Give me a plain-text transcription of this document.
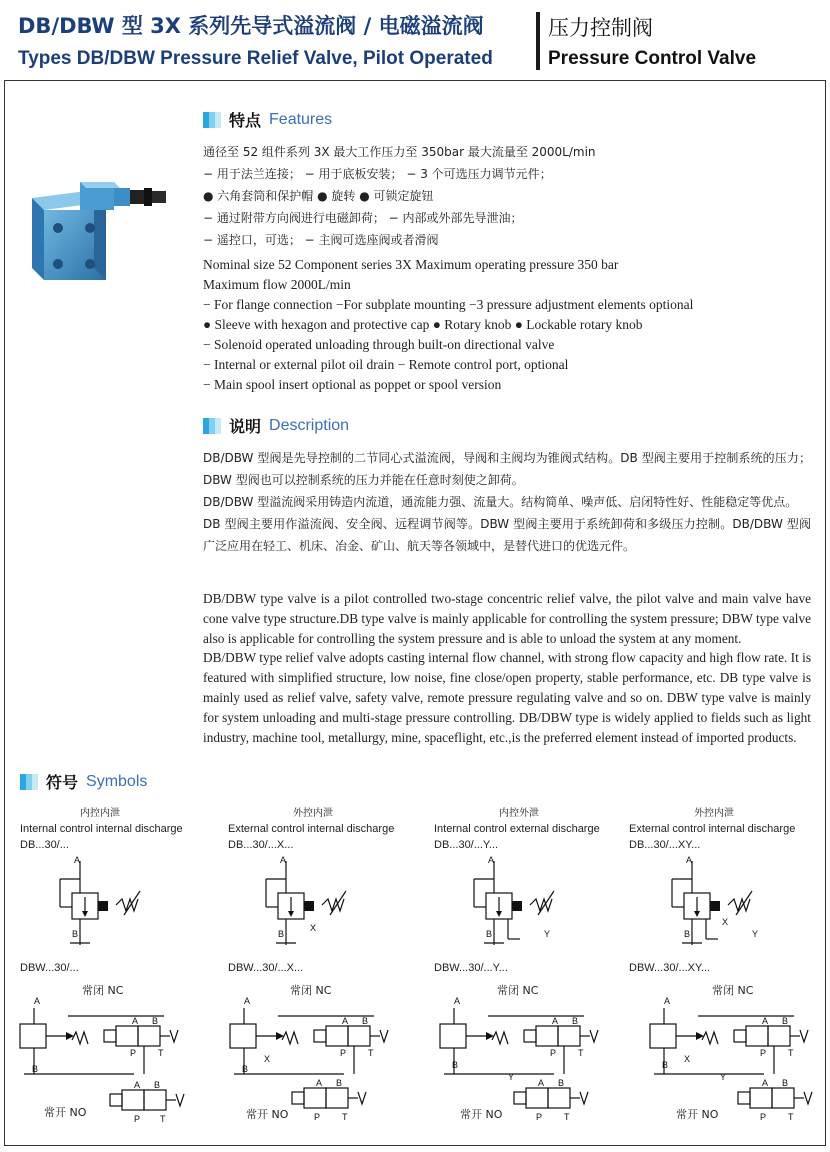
DB/DBW 型 3X 系列先导式溢流阀 / 电磁溢流阀
Types DB/DBW Pressure Relief Valve, Pilot Operated
压力控制阀
Pressure Control Valve
特点 Features
通径至 52 组件系列 3X 最大工作压力至 350bar 最大流量至 2000L/min
− 用于法兰连接； − 用于底板安装； − 3 个可选压力调节元件；
● 六角套筒和保护帽 ● 旋转 ● 可锁定旋钮
− 通过附带方向阀进行电磁卸荷； − 内部或外部先导泄油；
− 遥控口，可选； − 主阀可选座阀或者滑阀
Nominal size 52 Component series 3X Maximum operating pressure 350 bar
Maximum flow 2000L/min
− For flange connection −For subplate mounting −3 pressure adjustment elements optional
● Sleeve with hexagon and protective cap ● Rotary knob ● Lockable rotary knob
− Solenoid operated unloading through built-on directional valve
− Internal or external pilot oil drain − Remote control port, optional
− Main spool insert optional as poppet or spool version
说明 Description
DB/DBW 型阀是先导控制的二节同心式溢流阀，导阀和主阀均为锥阀式结构。DB 型阀主要用于控制系统的压力；DBW 型阀也可以控制系统的压力并能在任意时刻使之卸荷。
DB/DBW 型溢流阀采用铸造内流道，通流能力强、流量大。结构简单、噪声低、启闭特性好、性能稳定等优点。
DB 型阀主要用作溢流阀、安全阀、远程调节阀等。DBW 型阀主要用于系统卸荷和多级压力控制。DB/DBW 型阀广泛应用在轻工、机床、冶金、矿山、航天等各领域中，是替代进口的优选元件。
DB/DBW type valve is a pilot controlled two-stage concentric relief valve, the pilot valve and main valve have cone valve type structure.DB type valve is mainly applicable for controlling the system pressure; DBW type valve also is applicable for controlling the system pressure and is able to unload the system at any moment.
DB/DBW type relief valve adopts casting internal flow channel, with strong flow capacity and high flow rate. It is featured with simplified structure, low noise, fine close/open property, stable performance, etc. DB type valve is mainly used as relief valve, safety valve, remote pressure regulating valve and so on. DBW type valve is mainly for system unloading and multi-stage pressure controlling. DB/DBW type is widely applied to fields such as light industry, machine tool, metallurgy, mine, spaceflight, etc.,is the preferred element instead of imported products.
符号 Symbols
内控内泄
Internal control internal discharge
DB...30/...
外控内泄
External control internal discharge
DB...30/...X...
内控外泄
Internal control external discharge
DB...30/...Y...
外控内泄
External control internal discharge
DB...30/...XY...
DBW...30/...	DBW...30/...X...	DBW...30/...Y...	DBW...30/...XY...
常闭 NC	常闭 NC	常闭 NC	常闭 NC
常开 NO	常开 NO	常开 NO	常开 NO
A
B
A
B
X
A
B	Y
A
B
X
Y
A
B
P T
A B
A B
P T
A
B
X
P T
A B
A B
P T
A
B
Y
P T
A B
A B
P T
A
B
X
Y
P T
A B
A B
P T
